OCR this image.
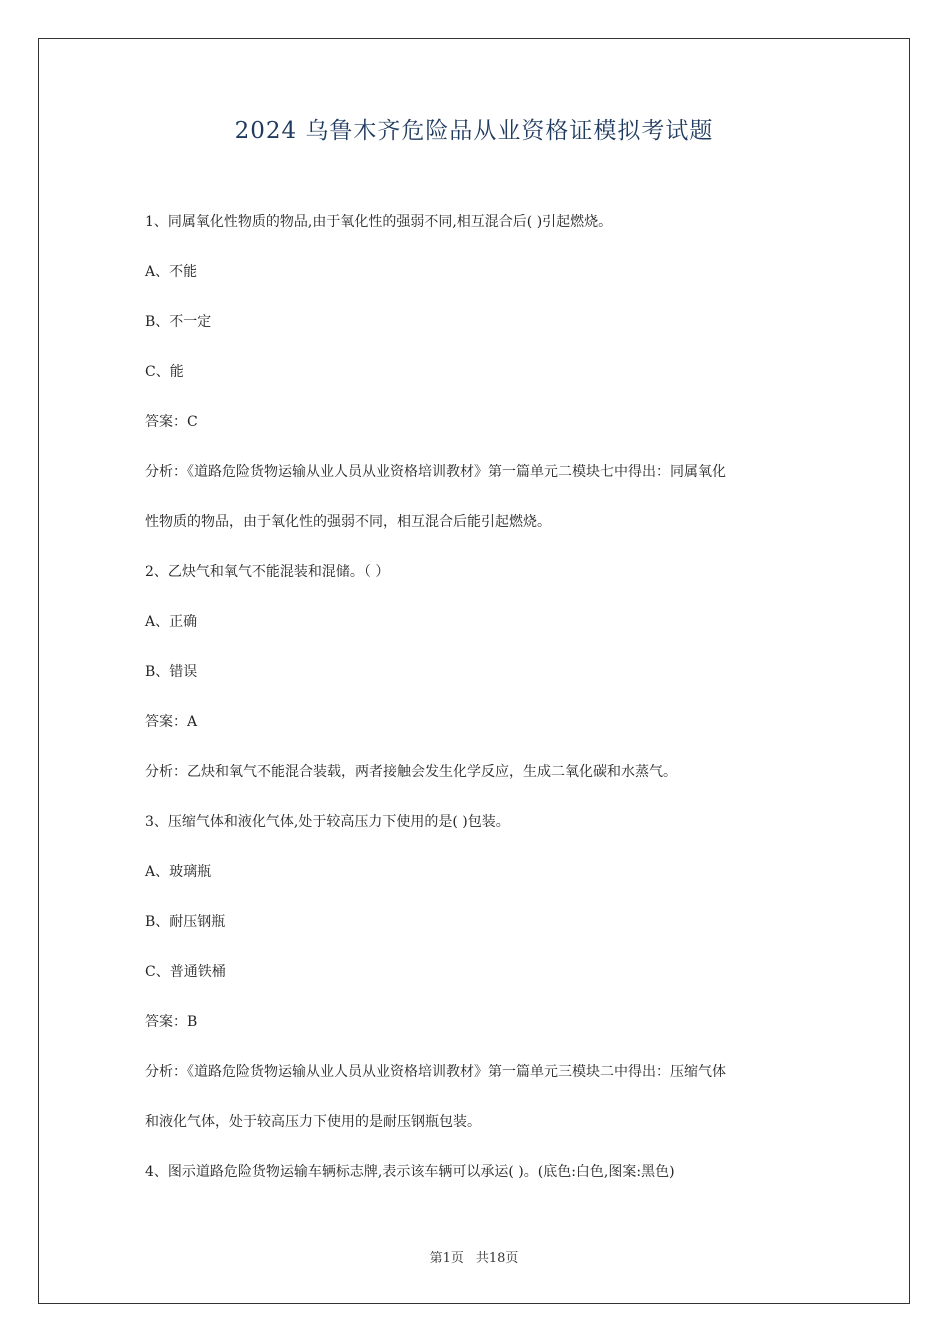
2024 乌鲁木齐危险品从业资格证模拟考试题

1、同属氧化性物质的物品,由于氧化性的强弱不同,相互混合后( )引起燃烧。

A、不能

B、不一定

C、能

答案：C

分析：《道路危险货物运输从业人员从业资格培训教材》第一篇单元二模块七中得出：同属氧化

性物质的物品，由于氧化性的强弱不同，相互混合后能引起燃烧。

2、乙炔气和氧气不能混装和混储。（ ）

A、正确

B、错误

答案：A

分析：乙炔和氧气不能混合装载，两者接触会发生化学反应，生成二氧化碳和水蒸气。

3、压缩气体和液化气体,处于较高压力下使用的是( )包装。

A、玻璃瓶

B、耐压钢瓶

C、普通铁桶

答案：B

分析：《道路危险货物运输从业人员从业资格培训教材》第一篇单元三模块二中得出：压缩气体

和液化气体，处于较高压力下使用的是耐压钢瓶包装。

4、图示道路危险货物运输车辆标志牌,表示该车辆可以承运( )。(底色:白色,图案:黑色)

第1页 共18页
